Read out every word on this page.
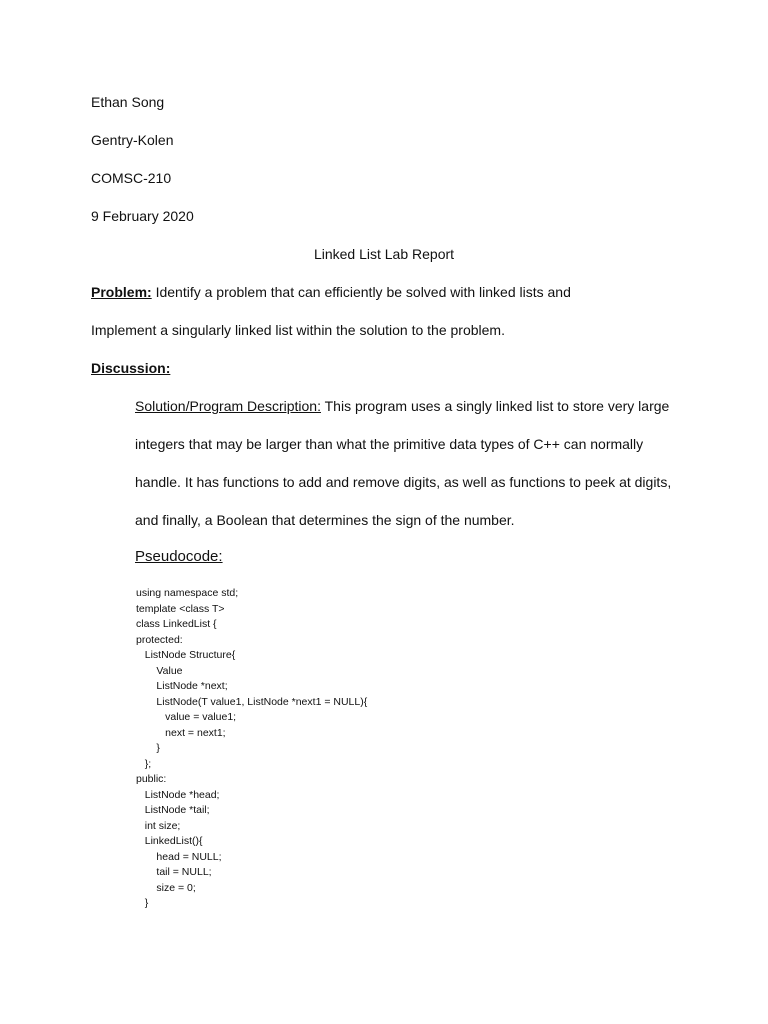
Ethan Song
Gentry-Kolen
COMSC-210
9 February 2020
Linked List Lab Report
Problem: Identify a problem that can efficiently be solved with linked lists and
Implement a singularly linked list within the solution to the problem.
Discussion:
Solution/Program Description: This program uses a singly linked list to store very large
integers that may be larger than what the primitive data types of C++ can normally
handle. It has functions to add and remove digits, as well as functions to peek at digits,
and finally, a Boolean that determines the sign of the number.
Pseudocode:
using namespace std;
template <class T>
class LinkedList {
protected:
ListNode Structure{
Value
ListNode *next;
ListNode(T value1, ListNode *next1 = NULL){
value = value1;
next = next1;
}
};
public:
ListNode *head;
ListNode *tail;
int size;
LinkedList(){
head = NULL;
tail = NULL;
size = 0;
}
